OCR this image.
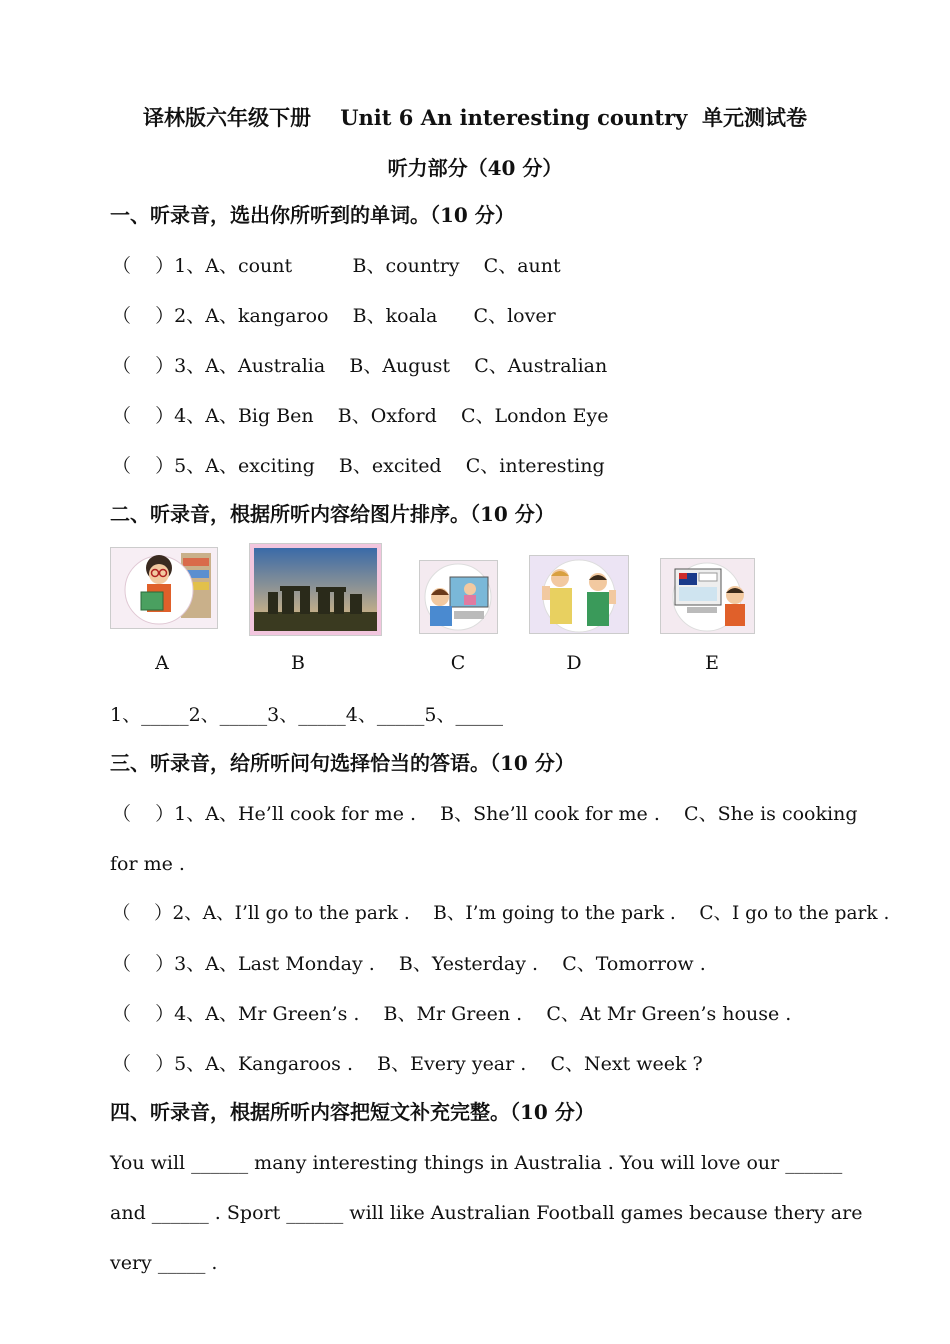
译林版六年级下册    Unit 6 An interesting country  单元测试卷
听力部分（40 分）
一、听录音，选出你所听到的单词。（10 分）
（    ）1、A、count          B、country    C、aunt
（    ）2、A、kangaroo    B、koala      C、lover
（    ）3、A、Australia    B、August    C、Australian
（    ）4、A、Big Ben    B、Oxford    C、London Eye
（    ）5、A、exciting    B、excited    C、interesting
二、听录音，根据所听内容给图片排序。（10 分）
A	B	C	D	E
1、_____2、_____3、_____4、_____5、_____
三、听录音，给所听问句选择恰当的答语。（10 分）
（    ）1、A、He’ll cook for me .    B、She’ll cook for me .    C、She is cooking
for me .
（    ）2、A、I’ll go to the park .    B、I’m going to the park .    C、I go to the park .
（    ）3、A、Last Monday .    B、Yesterday .    C、Tomorrow .
（    ）4、A、Mr Green’s .    B、Mr Green .    C、At Mr Green’s house .
（    ）5、A、Kangaroos .    B、Every year .    C、Next week ?
四、听录音，根据所听内容把短文补充完整。（10 分）
You will ______ many interesting things in Australia . You will love our ______
and ______ . Sport ______ will like Australian Football games because thery are
very _____ .
